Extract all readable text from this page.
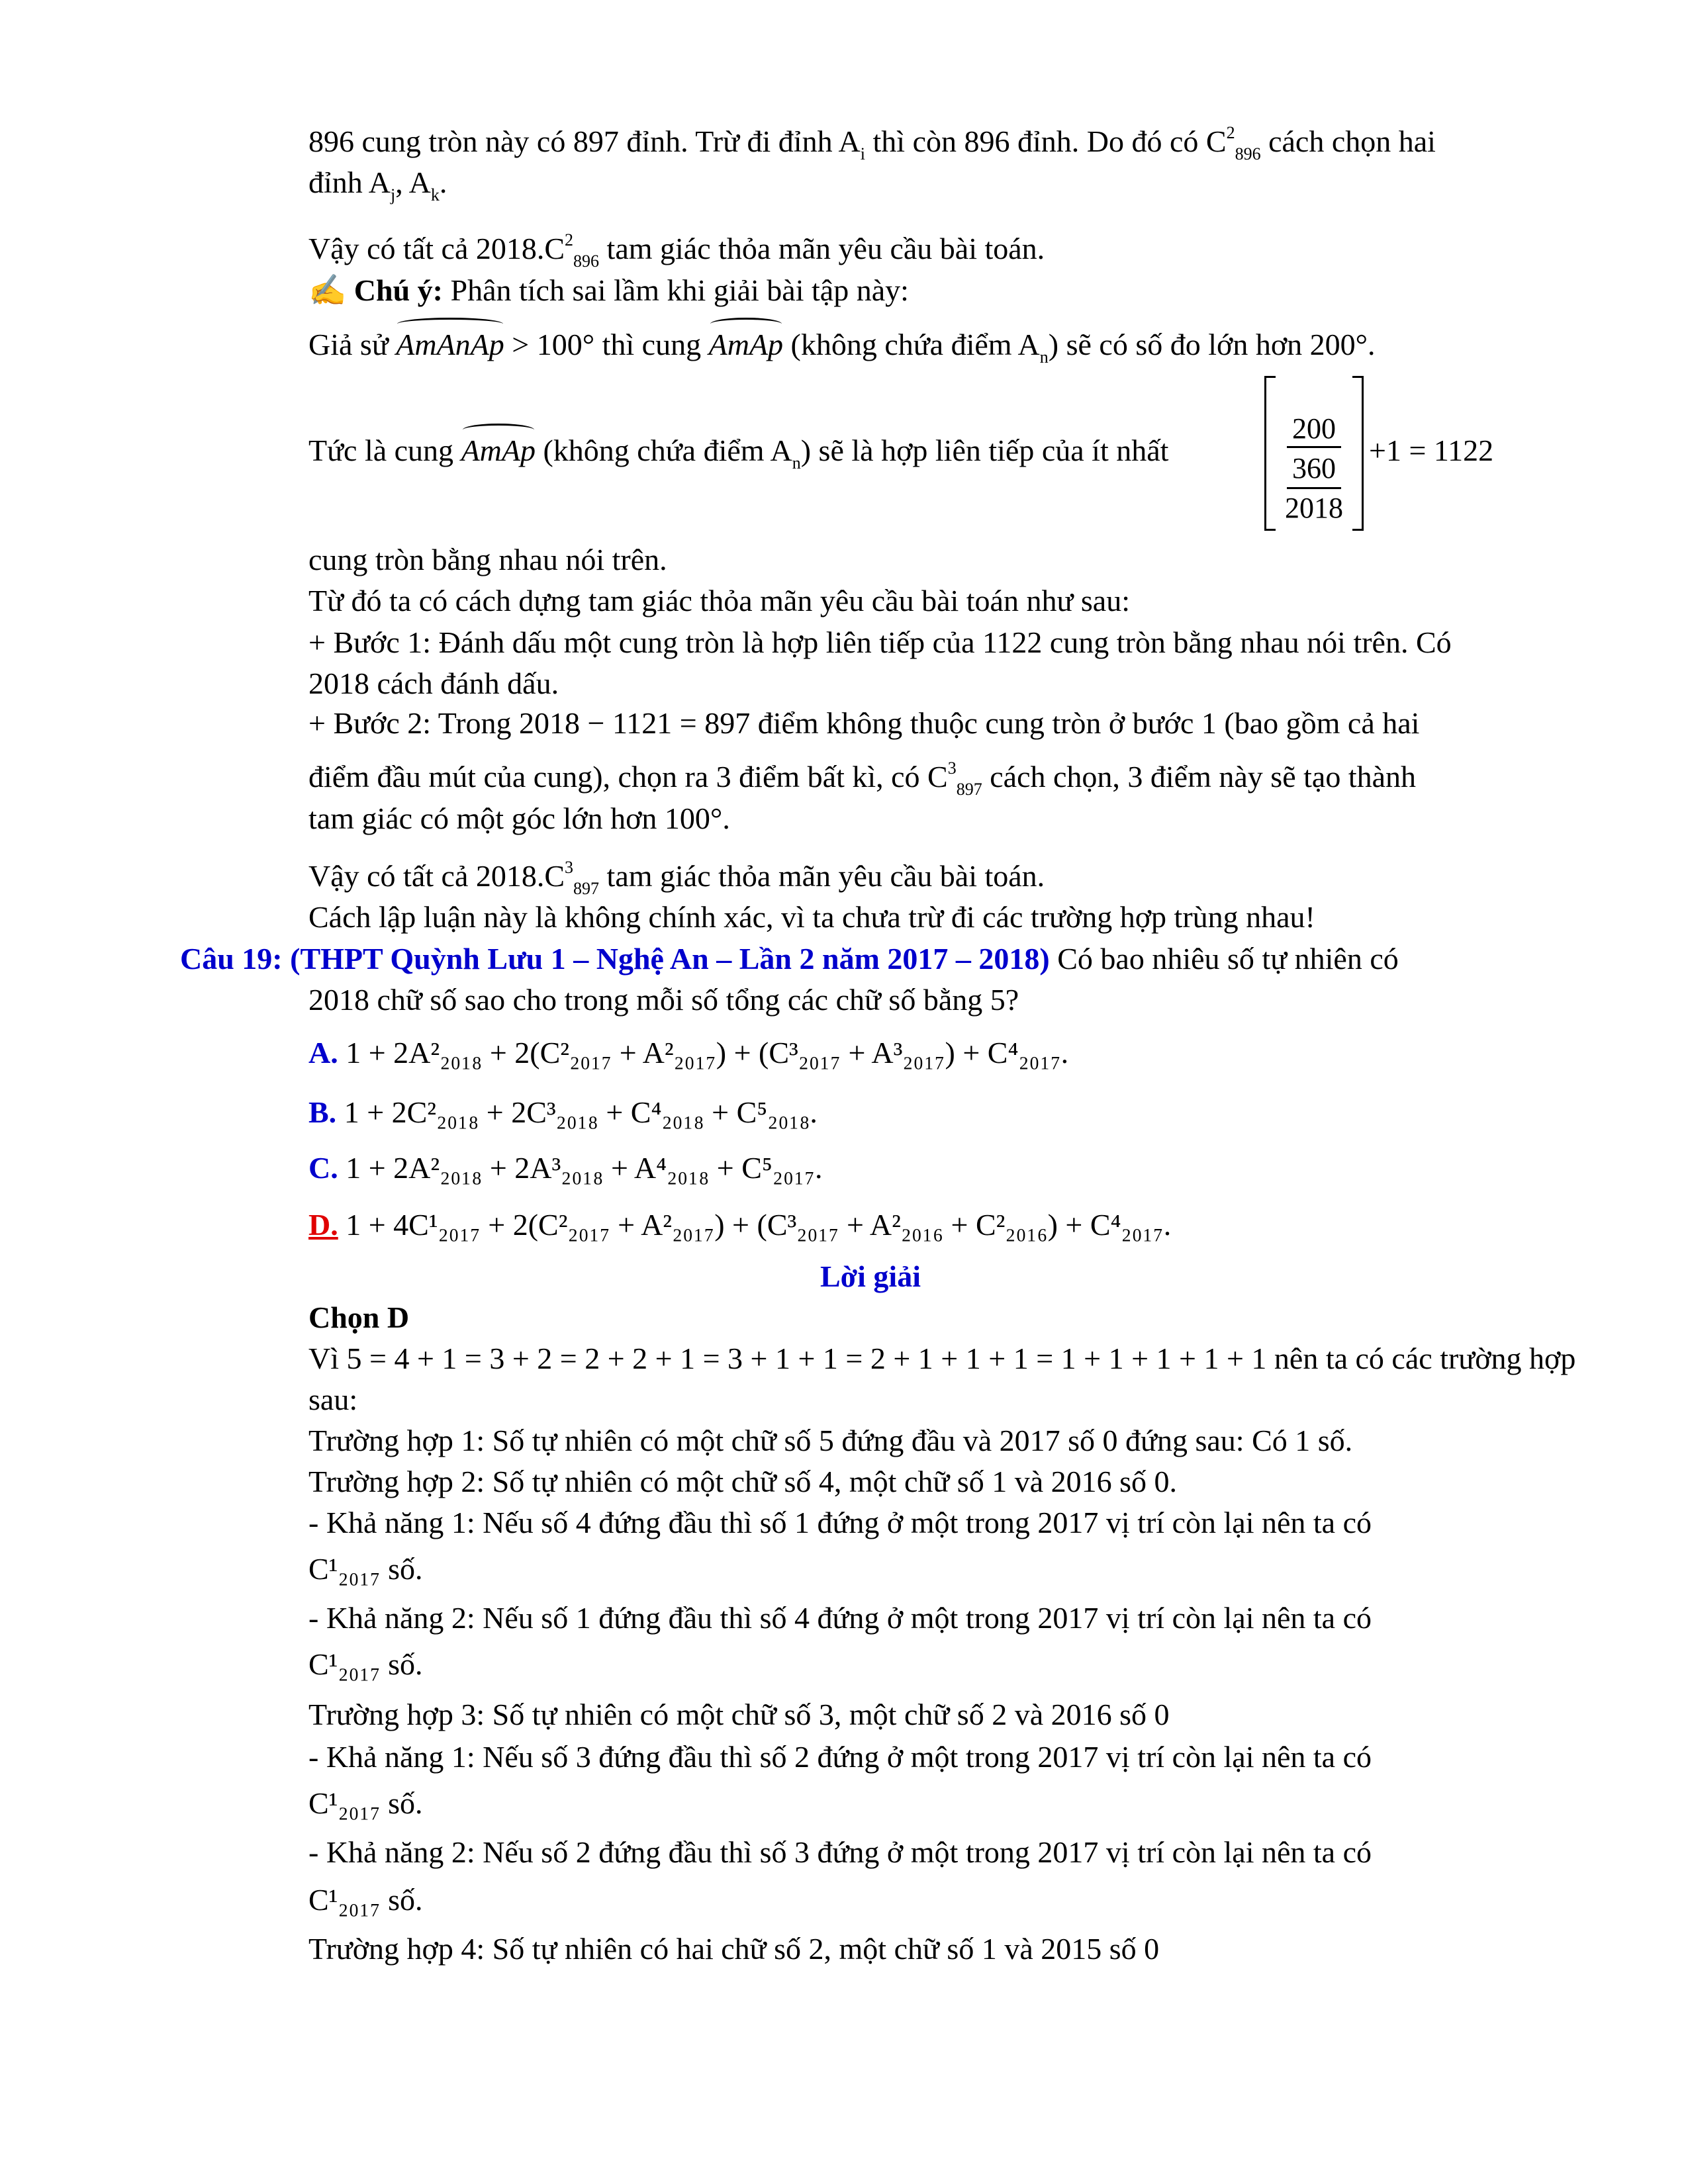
896 cung tròn này có 897 đỉnh. Trừ đi đỉnh $A_i$ thì còn 896 đỉnh. Do đó có $C^2_{896}$ cách chọn hai
đỉnh $A_j$, $A_k$.
Vậy có tất cả $2018.C^2_{896}$ tam giác thỏa mãn yêu cầu bài toán.
✍ Chú ý: Phân tích sai lầm khi giải bài tập này:
Giả sử AmAnAp > 100° thì cung AmAp (không chứa điểm $A_n$) sẽ có số đo lớn hơn 200°.
Tức là cung AmAp (không chứa điểm $A_n$) sẽ là hợp liên tiếp của ít nhất
200
360
2018
+1 = 1122
cung tròn bằng nhau nói trên.
Từ đó ta có cách dựng tam giác thỏa mãn yêu cầu bài toán như sau:
+ Bước 1: Đánh dấu một cung tròn là hợp liên tiếp của 1122 cung tròn bằng nhau nói trên. Có
2018 cách đánh dấu.
+ Bước 2: Trong 2018 − 1121 = 897 điểm không thuộc cung tròn ở bước 1 (bao gồm cả hai
điểm đầu mút của cung), chọn ra 3 điểm bất kì, có $C^3_{897}$ cách chọn, 3 điểm này sẽ tạo thành
tam giác có một góc lớn hơn 100°.
Vậy có tất cả $2018.C^3_{897}$ tam giác thỏa mãn yêu cầu bài toán.
Cách lập luận này là không chính xác, vì ta chưa trừ đi các trường hợp trùng nhau!
Câu 19: (THPT Quỳnh Lưu 1 – Nghệ An – Lần 2 năm 2017 – 2018) Có bao nhiêu số tự nhiên có
2018 chữ số sao cho trong mỗi số tổng các chữ số bằng 5?
A. 1 + 2A²₂₀₁₈ + 2(C²₂₀₁₇ + A²₂₀₁₇) + (C³₂₀₁₇ + A³₂₀₁₇) + C⁴₂₀₁₇.
B. 1 + 2C²₂₀₁₈ + 2C³₂₀₁₈ + C⁴₂₀₁₈ + C⁵₂₀₁₈.
C. 1 + 2A²₂₀₁₈ + 2A³₂₀₁₈ + A⁴₂₀₁₈ + C⁵₂₀₁₇.
D. 1 + 4C¹₂₀₁₇ + 2(C²₂₀₁₇ + A²₂₀₁₇) + (C³₂₀₁₇ + A²₂₀₁₆ + C²₂₀₁₆) + C⁴₂₀₁₇.
Lời giải
Chọn D
Vì 5 = 4 + 1 = 3 + 2 = 2 + 2 + 1 = 3 + 1 + 1 = 2 + 1 + 1 + 1 = 1 + 1 + 1 + 1 + 1 nên ta có các trường hợp
sau:
Trường hợp 1: Số tự nhiên có một chữ số 5 đứng đầu và 2017 số 0 đứng sau: Có 1 số.
Trường hợp 2: Số tự nhiên có một chữ số 4, một chữ số 1 và 2016 số 0.
- Khả năng 1: Nếu số 4 đứng đầu thì số 1 đứng ở một trong 2017 vị trí còn lại nên ta có
C¹₂₀₁₇ số.
- Khả năng 2: Nếu số 1 đứng đầu thì số 4 đứng ở một trong 2017 vị trí còn lại nên ta có
C¹₂₀₁₇ số.
Trường hợp 3: Số tự nhiên có một chữ số 3, một chữ số 2 và 2016 số 0
- Khả năng 1: Nếu số 3 đứng đầu thì số 2 đứng ở một trong 2017 vị trí còn lại nên ta có
C¹₂₀₁₇ số.
- Khả năng 2: Nếu số 2 đứng đầu thì số 3 đứng ở một trong 2017 vị trí còn lại nên ta có
C¹₂₀₁₇ số.
Trường hợp 4: Số tự nhiên có hai chữ số 2, một chữ số 1 và 2015 số 0
